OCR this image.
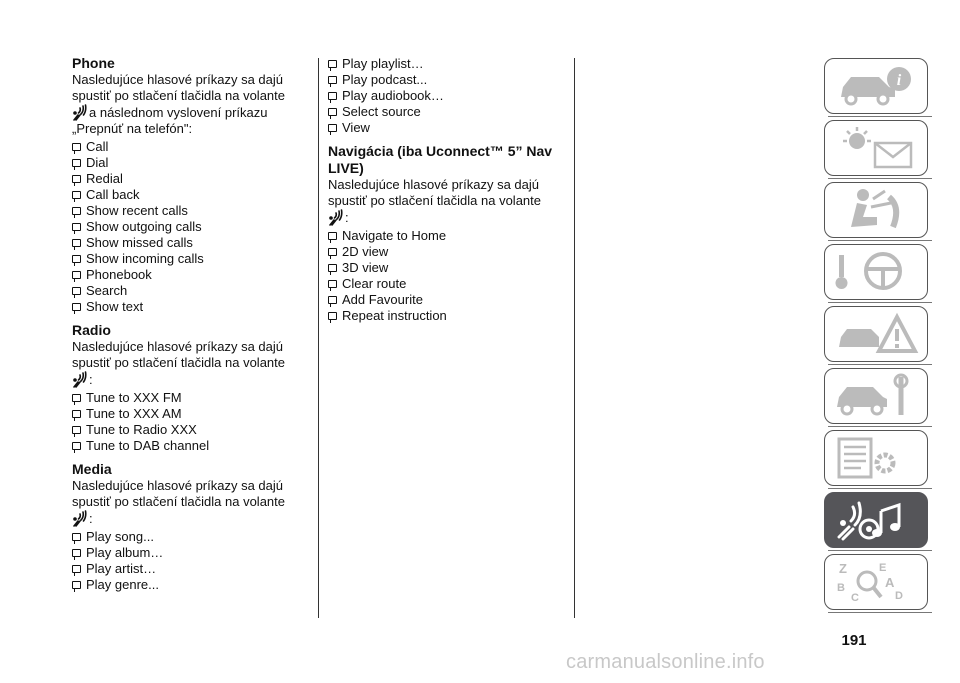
Phone

Nasledujúce hlasové príkazy sa dajú

spustiť po stlačení tlačidla na volante

a následnom vyslovení príkazu

„Prepnúť na telefón":

Call
Dial
Redial
Call back
Show recent calls
Show outgoing calls
Show missed calls
Show incoming calls
Phonebook
Search
Show text

Radio

Nasledujúce hlasové príkazy sa dajú

spustiť po stlačení tlačidla na volante

:

Tune to XXX FM
Tune to XXX AM
Tune to Radio XXX
Tune to DAB channel

Media

Nasledujúce hlasové príkazy sa dajú

spustiť po stlačení tlačidla na volante

:

Play song...
Play album…
Play artist…
Play genre...
Play playlist…
Play podcast...
Play audiobook…
Select source
View

Navigácia (iba Uconnect™ 5” Nav

LIVE)

Nasledujúce hlasové príkazy sa dajú

spustiť po stlačení tlačidla na volante

:

Navigate to Home
2D view
3D view
Clear route
Add Favourite
Repeat instruction
i
Z	E
B	A
C	D
191
carmanualsonline.info
